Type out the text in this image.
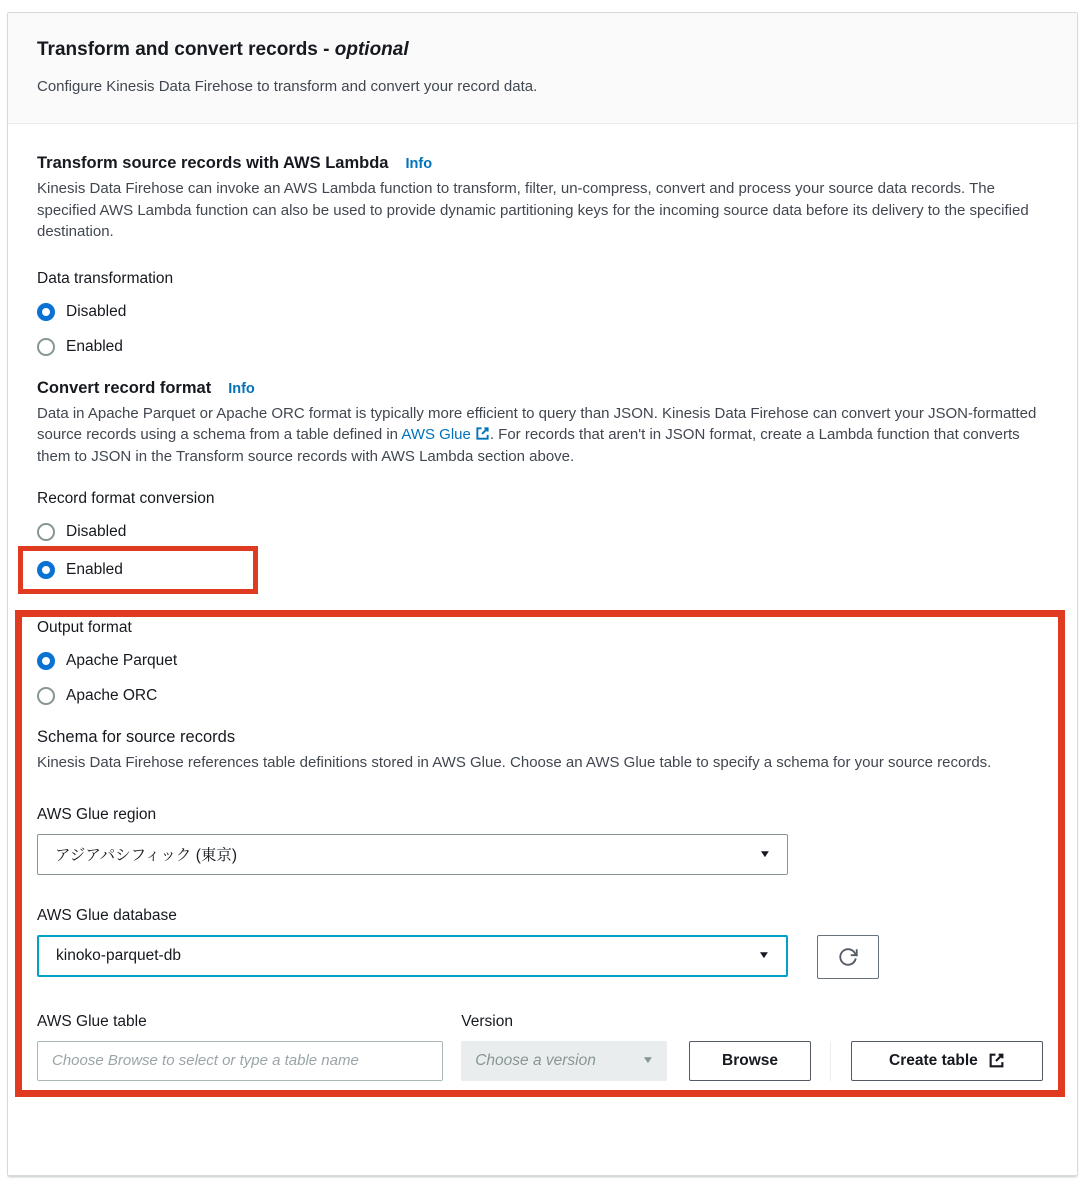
Transform and convert records - optional

Configure Kinesis Data Firehose to transform and convert your record data.

Transform source records with AWS Lambda Info

Kinesis Data Firehose can invoke an AWS Lambda function to transform, filter, un-compress, convert and process your source data records. The specified AWS Lambda function can also be used to provide dynamic partitioning keys for the incoming source data before its delivery to the specified destination.

Data transformation
Disabled
Enabled
Convert record format Info

Data in Apache Parquet or Apache ORC format is typically more efficient to query than JSON. Kinesis Data Firehose can convert your JSON-formatted source records using a schema from a table defined in AWS Glue . For records that aren't in JSON format, create a Lambda function that converts them to JSON in the Transform source records with AWS Lambda section above.

Record format conversion
Disabled
Enabled
Output format
Apache Parquet
Apache ORC
Schema for source records

Kinesis Data Firehose references table definitions stored in AWS Glue. Choose an AWS Glue table to specify a schema for your source records.

AWS Glue region
アジアパシフィック (東京)	▼
AWS Glue database
kinoko-parquet-db	▼
AWS Glue table
Choose Browse to select or type a table name	Version
Choose a version	▼	Browse	Create table
